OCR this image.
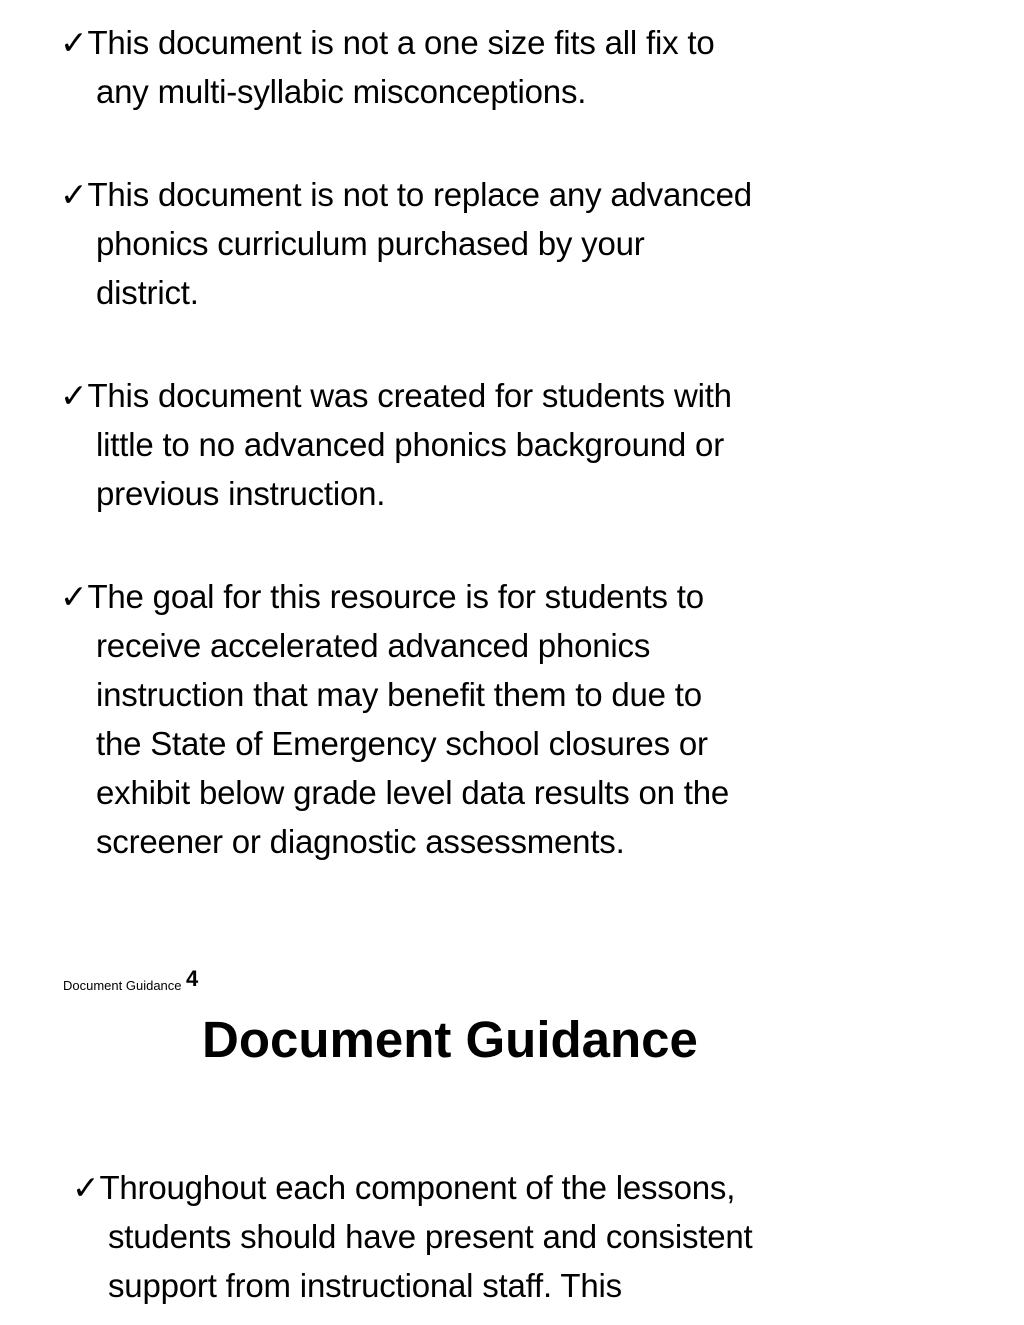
✓This document is not a one size fits all fix to
any multi-syllabic misconceptions.

✓This document is not to replace any advanced
phonics curriculum purchased by your
district.

✓This document was created for students with
little to no advanced phonics background or
previous instruction.

✓The goal for this resource is for students to
receive accelerated advanced phonics
instruction that may benefit them to due to
the State of Emergency school closures or
exhibit below grade level data results on the
screener or diagnostic assessments.

Document Guidance 4
Document Guidance

✓Throughout each component of the lessons,
students should have present and consistent
support from instructional staff. This
